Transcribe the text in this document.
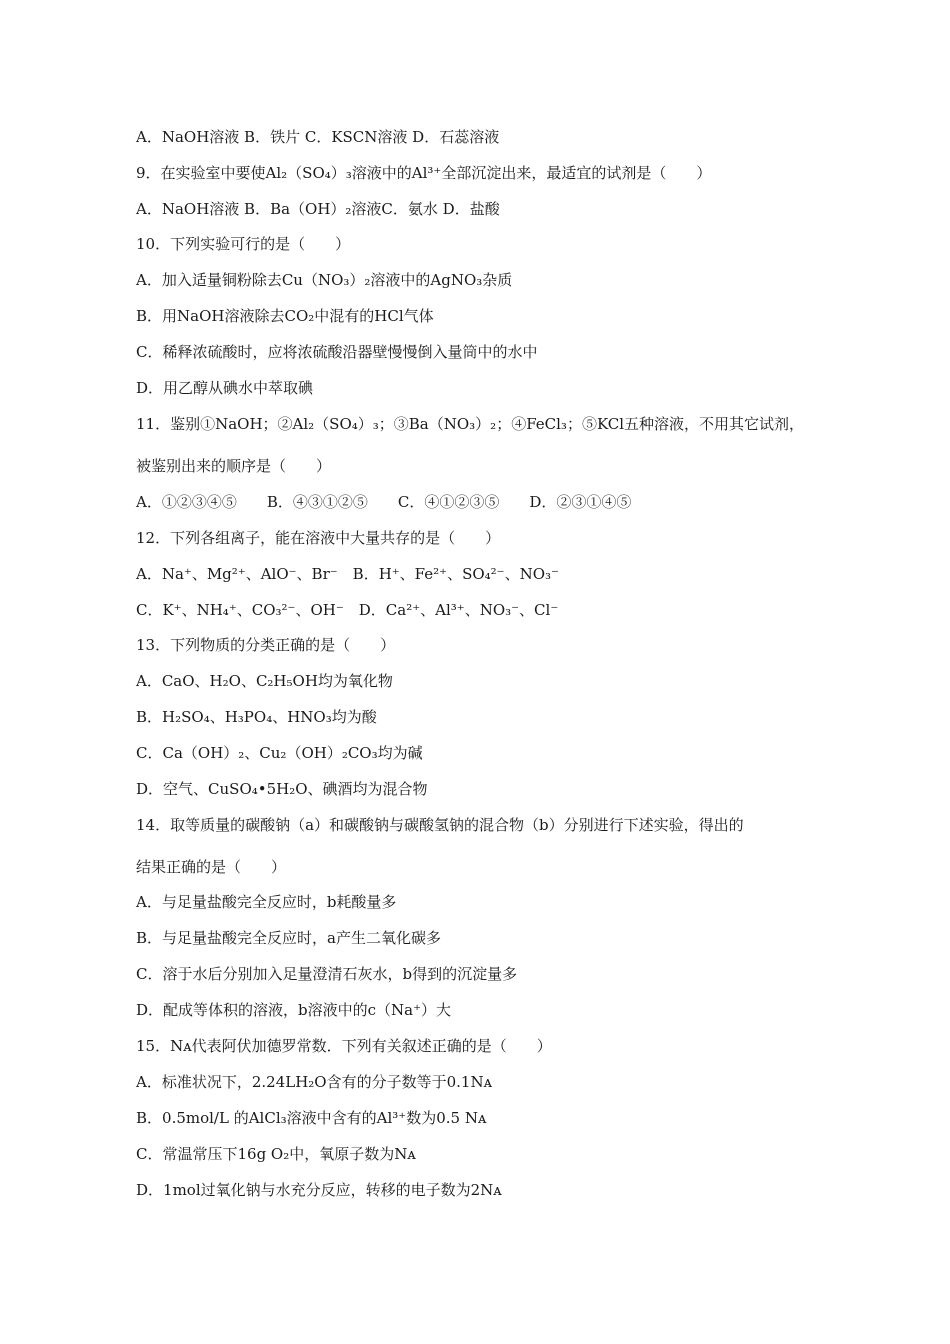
A．NaOH溶液 B．铁片 C．KSCN溶液 D．石蕊溶液
9．在实验室中要使Al₂（SO₄）₃溶液中的Al³⁺全部沉淀出来，最适宜的试剂是（　　）
A．NaOH溶液 B．Ba（OH）₂溶液C．氨水 D．盐酸
10．下列实验可行的是（　　）
A．加入适量铜粉除去Cu（NO₃）₂溶液中的AgNO₃杂质
B．用NaOH溶液除去CO₂中混有的HCl气体
C．稀释浓硫酸时，应将浓硫酸沿器壁慢慢倒入量筒中的水中
D．用乙醇从碘水中萃取碘
11．鉴别①NaOH；②Al₂（SO₄）₃；③Ba（NO₃）₂；④FeCl₃；⑤KCl五种溶液，不用其它试剂，
被鉴别出来的顺序是（　　）
A．①②③④⑤　　B．④③①②⑤　　C．④①②③⑤　　D．②③①④⑤
12．下列各组离子，能在溶液中大量共存的是（　　）
A．Na⁺、Mg²⁺、AlO⁻、Br⁻　B．H⁺、Fe²⁺、SO₄²⁻、NO₃⁻
C．K⁺、NH₄⁺、CO₃²⁻、OH⁻　D．Ca²⁺、Al³⁺、NO₃⁻、Cl⁻
13．下列物质的分类正确的是（　　）
A．CaO、H₂O、C₂H₅OH均为氧化物
B．H₂SO₄、H₃PO₄、HNO₃均为酸
C．Ca（OH）₂、Cu₂（OH）₂CO₃均为碱
D．空气、CuSO₄•5H₂O、碘酒均为混合物
14．取等质量的碳酸钠（a）和碳酸钠与碳酸氢钠的混合物（b）分别进行下述实验，得出的
结果正确的是（　　）
A．与足量盐酸完全反应时，b耗酸量多
B．与足量盐酸完全反应时，a产生二氧化碳多
C．溶于水后分别加入足量澄清石灰水，b得到的沉淀量多
D．配成等体积的溶液，b溶液中的c（Na⁺）大
15．Nᴀ代表阿伏加德罗常数．下列有关叙述正确的是（　　）
A．标准状况下，2.24LH₂O含有的分子数等于0.1Nᴀ
B．0.5mol/L 的AlCl₃溶液中含有的Al³⁺数为0.5 Nᴀ
C．常温常压下16g O₂中，氧原子数为Nᴀ
D．1mol过氧化钠与水充分反应，转移的电子数为2Nᴀ
